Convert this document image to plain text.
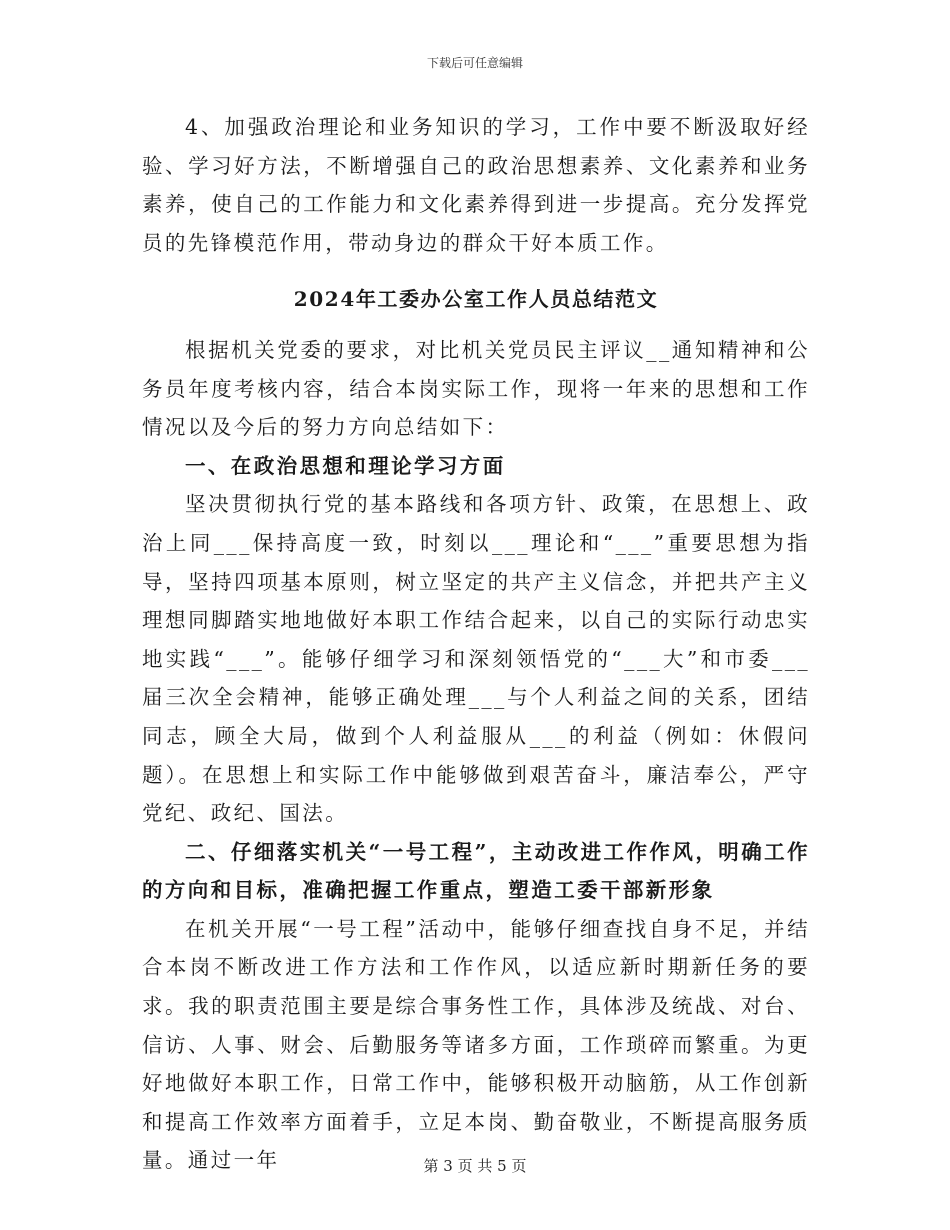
下载后可任意编辑

4、加强政治理论和业务知识的学习，工作中要不断汲取好经验、学习好方法，不断增强自己的政治思想素养、文化素养和业务素养，使自己的工作能力和文化素养得到进一步提高。充分发挥党员的先锋模范作用，带动身边的群众干好本质工作。

2024年工委办公室工作人员总结范文

根据机关党委的要求，对比机关党员民主评议__通知精神和公务员年度考核内容，结合本岗实际工作，现将一年来的思想和工作情况以及今后的努力方向总结如下：

一、在政治思想和理论学习方面

坚决贯彻执行党的基本路线和各项方针、政策，在思想上、政治上同___保持高度一致，时刻以___理论和“___”重要思想为指导，坚持四项基本原则，树立坚定的共产主义信念，并把共产主义理想同脚踏实地地做好本职工作结合起来，以自己的实际行动忠实地实践“___”。能够仔细学习和深刻领悟党的“___大”和市委___届三次全会精神，能够正确处理___与个人利益之间的关系，团结同志，顾全大局，做到个人利益服从___的利益（例如：休假问题）。在思想上和实际工作中能够做到艰苦奋斗，廉洁奉公，严守党纪、政纪、国法。

二、仔细落实机关“一号工程”，主动改进工作作风，明确工作的方向和目标，准确把握工作重点，塑造工委干部新形象

在机关开展“一号工程”活动中，能够仔细查找自身不足，并结合本岗不断改进工作方法和工作作风，以适应新时期新任务的要求。我的职责范围主要是综合事务性工作，具体涉及统战、对台、信访、人事、财会、后勤服务等诸多方面，工作琐碎而繁重。为更好地做好本职工作，日常工作中，能够积极开动脑筋，从工作创新和提高工作效率方面着手，立足本岗、勤奋敬业，不断提高服务质量。通过一年	第 3 页 共 5 页
